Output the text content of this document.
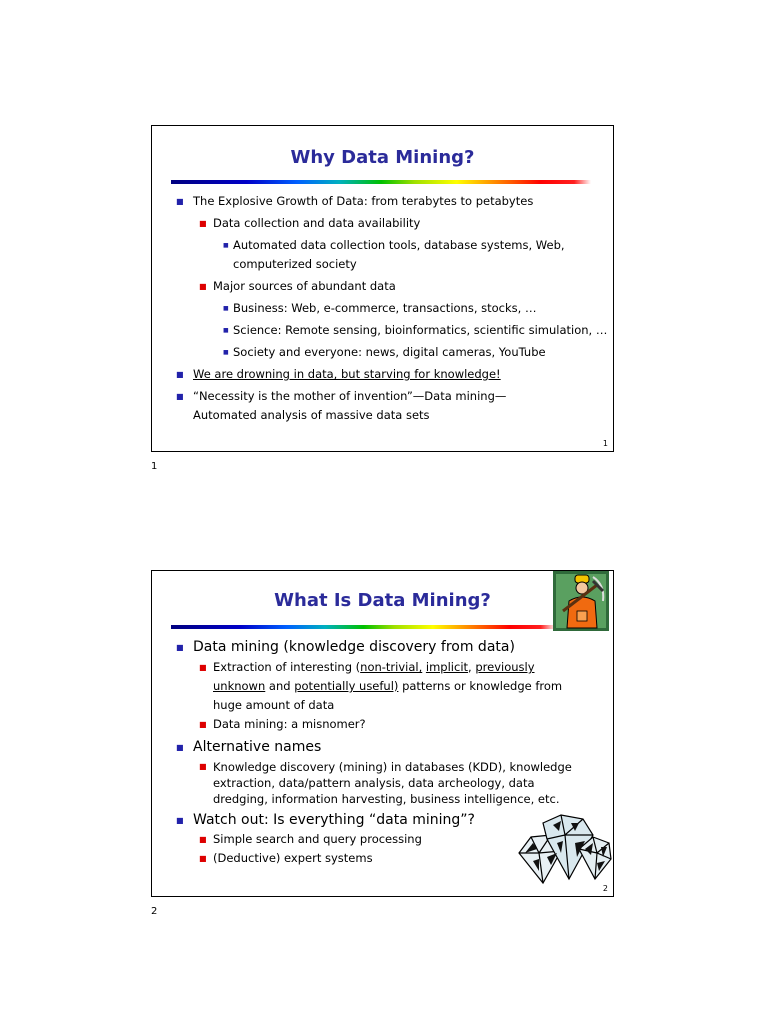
Why Data Mining?
■ The Explosive Growth of Data: from terabytes to petabytes
■ Data collection and data availability
■ Automated data collection tools, database systems, Web, computerized society
■ Major sources of abundant data
■ Business: Web, e-commerce, transactions, stocks, …
■ Science: Remote sensing, bioinformatics, scientific simulation, …
■ Society and everyone: news, digital cameras, YouTube
■ We are drowning in data, but starving for knowledge!
■ “Necessity is the mother of invention”—Data mining—Automated analysis of massive data sets
1
1
What Is Data Mining?
■ Data mining (knowledge discovery from data)
■ Extraction of interesting (non-trivial, implicit, previously unknown and potentially useful) patterns or knowledge from huge amount of data
■ Data mining: a misnomer?
■ Alternative names
■ Knowledge discovery (mining) in databases (KDD), knowledge extraction, data/pattern analysis, data archeology, data dredging, information harvesting, business intelligence, etc.
■ Watch out: Is everything “data mining”?
■ Simple search and query processing
■ (Deductive) expert systems
2
2
